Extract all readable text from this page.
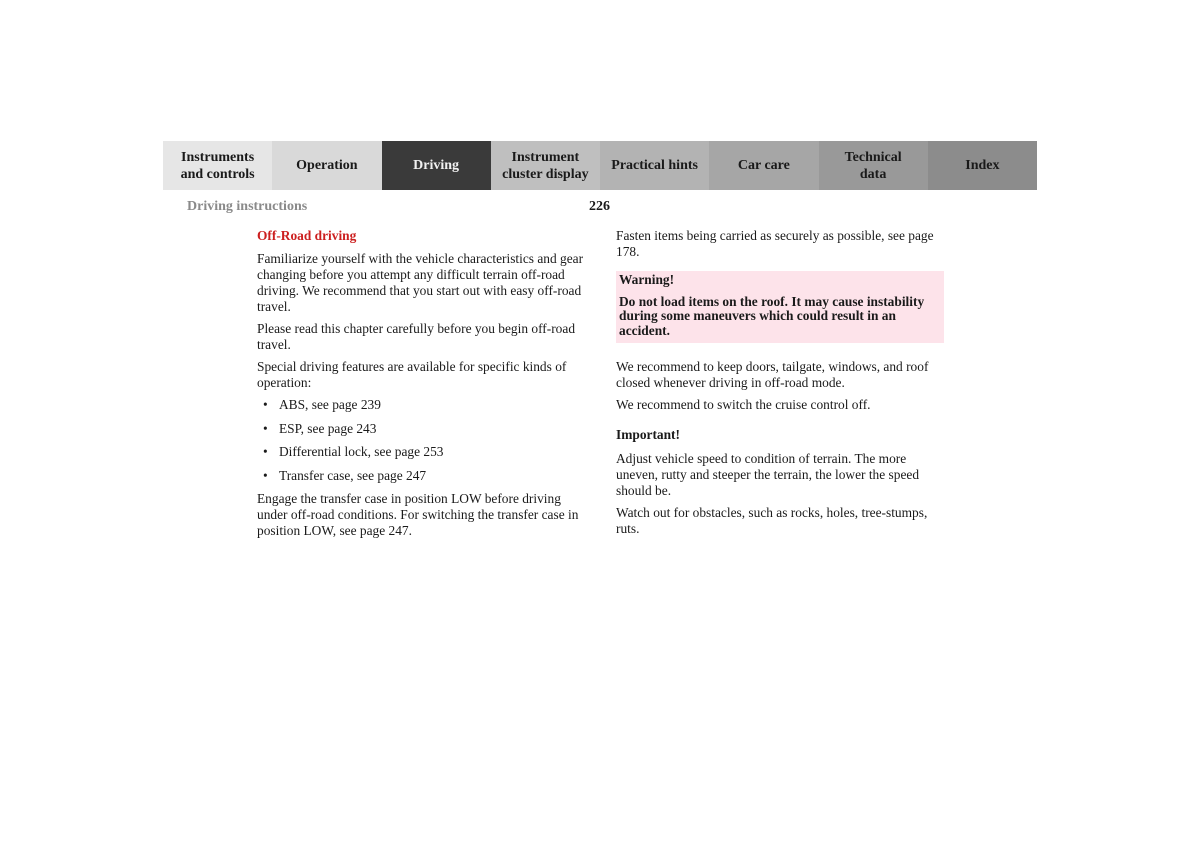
Instruments
and controls
Operation	Driving
Instrument
cluster display
Practical hints	Car care
Technical
data
Index
Driving instructions	226
Off-Road driving

Familiarize yourself with the vehicle characteristics and gear changing before you attempt any difficult terrain off-road driving. We recommend that you start out with easy off-road travel.

Please read this chapter carefully before you begin off-road travel.

Special driving features are available for specific kinds of operation:

• ABS, see page 239
• ESP, see page 243
• Differential lock, see page 253
• Transfer case, see page 247

Engage the transfer case in position LOW before driving under off-road conditions. For switching the transfer case in position LOW, see page 247.

Fasten items being carried as securely as possible, see page 178.

Warning!
Do not load items on the roof. It may cause instability during some maneuvers which could result in an accident.

We recommend to keep doors, tailgate, windows, and roof closed whenever driving in off-road mode.

We recommend to switch the cruise control off.

Important!

Adjust vehicle speed to condition of terrain. The more uneven, rutty and steeper the terrain, the lower the speed should be.

Watch out for obstacles, such as rocks, holes, tree-stumps, ruts.
